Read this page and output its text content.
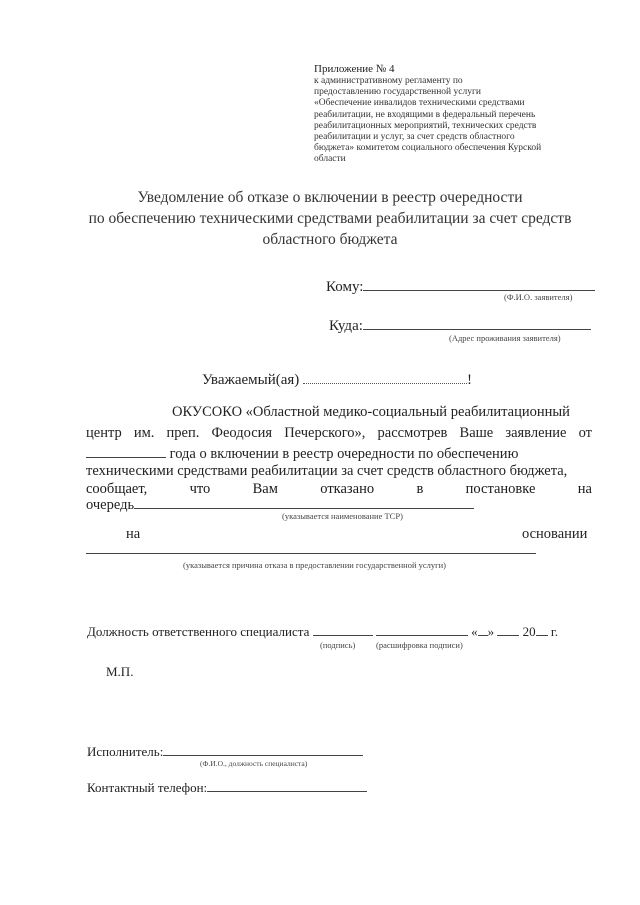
Приложение № 4
к административному регламенту по
предоставлению государственной услуги
«Обеспечение инвалидов техническими средствами
реабилитации, не входящими в федеральный перечень
реабилитационных мероприятий, технических средств
реабилитации и услуг, за счет средств областного
бюджета» комитетом социального обеспечения Курской
области
Уведомление об отказе о включении в реестр очередности
по обеспечению техническими средствами реабилитации за счет средств
областного бюджета
Кому:
(Ф.И.О. заявителя)
Куда:
(Адрес проживания заявителя)
Уважаемый(ая)	!
ОКУСОКО «Областной медико-социальный реабилитационный
центр им. преп. Феодосия Печерского», рассмотрев Ваше заявление от
года о включении в реестр очередности по обеспечению
техническими средствами реабилитации за счет средств областного бюджета,
сообщает,	что	Вам	отказано	в	постановке	на
очередь
(указывается наименование ТСР)
на	основании
(указывается причина отказа в предоставлении государственной услуги)
Должность ответственного специалиста	« » 20 г.
(подпись) (расшифровка подписи)
М.П.
Исполнитель:
(Ф.И.О., должность специалиста)
Контактный телефон:
